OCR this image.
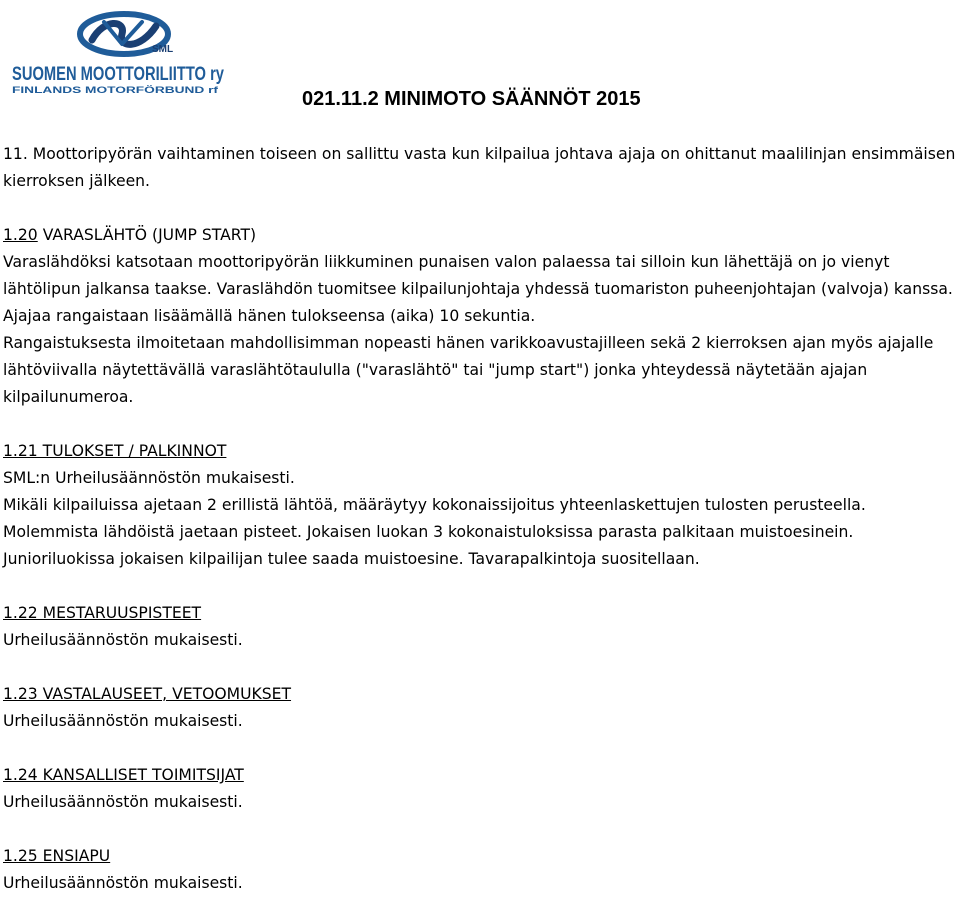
SML
SUOMEN MOOTTORILIITTO ry
FINLANDS MOTORFÖRBUND rf	021.11.2 MINIMOTO SÄÄNNÖT 2015

11. Moottoripyörän vaihtaminen toiseen on sallittu vasta kun kilpailua johtava ajaja on ohittanut maalilinjan ensimmäisen kierroksen jälkeen.

1.20 VARASLÄHTÖ (JUMP START)

Varaslähdöksi katsotaan moottoripyörän liikkuminen punaisen valon palaessa tai silloin kun lähettäjä on jo vienyt lähtölipun jalkansa taakse. Varaslähdön tuomitsee kilpailunjohtaja yhdessä tuomariston puheenjohtajan (valvoja) kanssa. Ajajaa rangaistaan lisäämällä hänen tulokseensa (aika) 10 sekuntia.

Rangaistuksesta ilmoitetaan mahdollisimman nopeasti hänen varikkoavustajilleen sekä 2 kierroksen ajan myös ajajalle lähtöviivalla näytettävällä varaslähtötaululla ("varaslähtö" tai "jump start") jonka yhteydessä näytetään ajajan kilpailunumeroa.

1.21 TULOKSET / PALKINNOT

SML:n Urheilusäännöstön mukaisesti.

Mikäli kilpailuissa ajetaan 2 erillistä lähtöä, määräytyy kokonaissijoitus yhteenlaskettujen tulosten perusteella. Molemmista lähdöistä jaetaan pisteet. Jokaisen luokan 3 kokonaistuloksissa parasta palkitaan muistoesinein. Junioriluokissa jokaisen kilpailijan tulee saada muistoesine. Tavarapalkintoja suositellaan.

1.22 MESTARUUSPISTEET

Urheilusäännöstön mukaisesti.

1.23 VASTALAUSEET, VETOOMUKSET

Urheilusäännöstön mukaisesti.

1.24 KANSALLISET TOIMITSIJAT

Urheilusäännöstön mukaisesti.

1.25 ENSIAPU

Urheilusäännöstön mukaisesti.
